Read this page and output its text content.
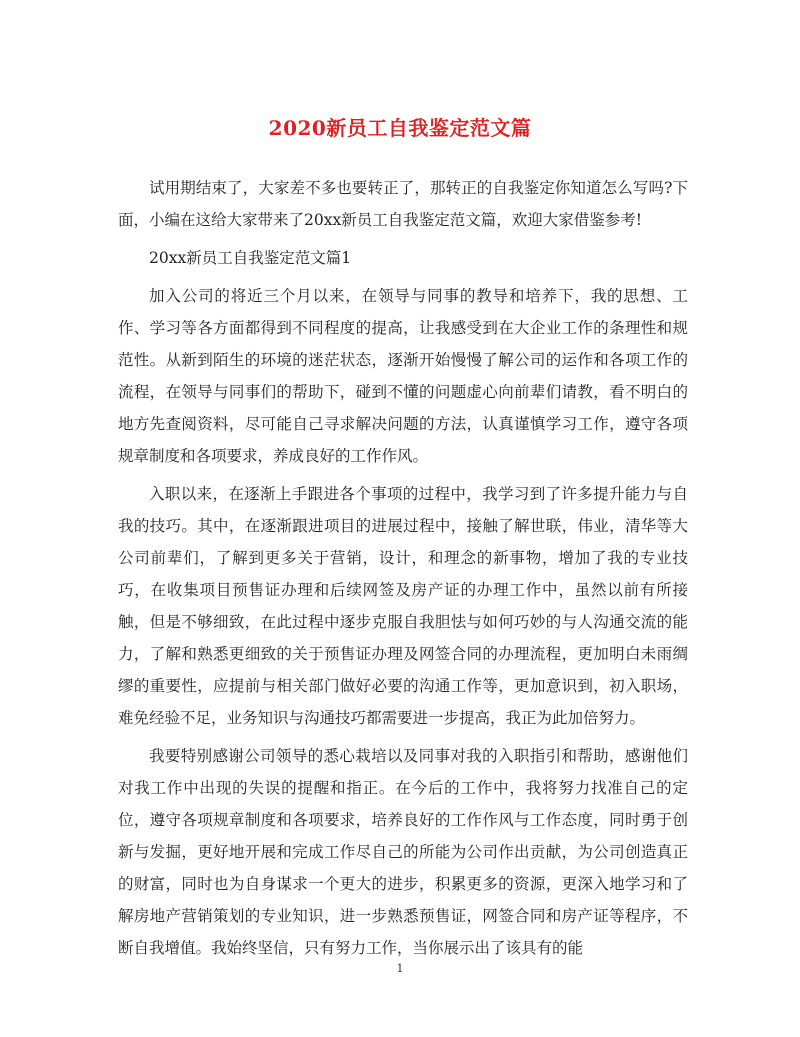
2020新员工自我鉴定范文篇

试用期结束了，大家差不多也要转正了，那转正的自我鉴定你知道怎么写吗?下面，小编在这给大家带来了20xx新员工自我鉴定范文篇，欢迎大家借鉴参考!

20xx新员工自我鉴定范文篇1

加入公司的将近三个月以来，在领导与同事的教导和培养下，我的思想、工作、学习等各方面都得到不同程度的提高，让我感受到在大企业工作的条理性和规范性。从新到陌生的环境的迷茫状态，逐渐开始慢慢了解公司的运作和各项工作的流程，在领导与同事们的帮助下，碰到不懂的问题虚心向前辈们请教，看不明白的地方先查阅资料，尽可能自己寻求解决问题的方法，认真谨慎学习工作，遵守各项规章制度和各项要求，养成良好的工作作风。

入职以来，在逐渐上手跟进各个事项的过程中，我学习到了许多提升能力与自我的技巧。其中，在逐渐跟进项目的进展过程中，接触了解世联，伟业，清华等大公司前辈们，了解到更多关于营销，设计，和理念的新事物，增加了我的专业技巧，在收集项目预售证办理和后续网签及房产证的办理工作中，虽然以前有所接触，但是不够细致，在此过程中逐步克服自我胆怯与如何巧妙的与人沟通交流的能力，了解和熟悉更细致的关于预售证办理及网签合同的办理流程，更加明白未雨绸缪的重要性，应提前与相关部门做好必要的沟通工作等，更加意识到，初入职场，难免经验不足，业务知识与沟通技巧都需要进一步提高，我正为此加倍努力。

我要特别感谢公司领导的悉心栽培以及同事对我的入职指引和帮助，感谢他们对我工作中出现的失误的提醒和指正。在今后的工作中，我将努力找准自己的定位，遵守各项规章制度和各项要求，培养良好的工作作风与工作态度，同时勇于创新与发掘，更好地开展和完成工作尽自己的所能为公司作出贡献，为公司创造真正的财富，同时也为自身谋求一个更大的进步，积累更多的资源，更深入地学习和了解房地产营销策划的专业知识，进一步熟悉预售证，网签合同和房产证等程序，不断自我增值。我始终坚信，只有努力工作，当你展示出了该具有的能

1
